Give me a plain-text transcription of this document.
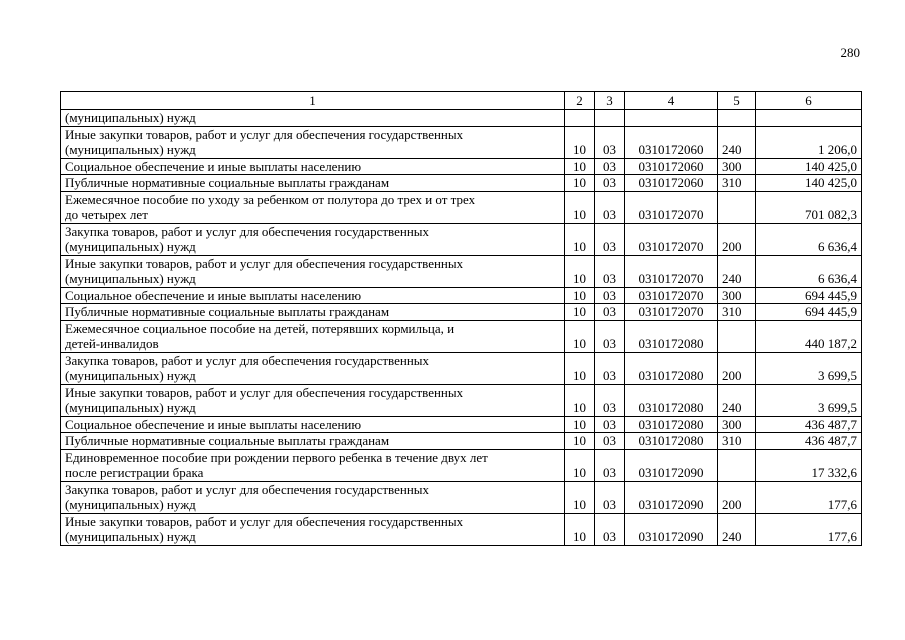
280
1	2	3	4	5	6

(муниципальных) нужд					

Иные закупки товаров, работ и услуг для обеспечения государственных
(муниципальных) нужд	10	03	0310172060	240	1 206,0

Социальное обеспечение и иные выплаты населению	10	03	0310172060	300	140 425,0

Публичные нормативные социальные выплаты гражданам	10	03	0310172060	310	140 425,0

Ежемесячное пособие по уходу за ребенком от полутора до трех и от трех
до четырех лет	10	03	0310172070		701 082,3

Закупка товаров, работ и услуг для обеспечения государственных
(муниципальных) нужд	10	03	0310172070	200	6 636,4

Иные закупки товаров, работ и услуг для обеспечения государственных
(муниципальных) нужд	10	03	0310172070	240	6 636,4

Социальное обеспечение и иные выплаты населению	10	03	0310172070	300	694 445,9

Публичные нормативные социальные выплаты гражданам	10	03	0310172070	310	694 445,9

Ежемесячное социальное пособие на детей, потерявших кормильца, и
детей-инвалидов	10	03	0310172080		440 187,2

Закупка товаров, работ и услуг для обеспечения государственных
(муниципальных) нужд	10	03	0310172080	200	3 699,5

Иные закупки товаров, работ и услуг для обеспечения государственных
(муниципальных) нужд	10	03	0310172080	240	3 699,5

Социальное обеспечение и иные выплаты населению	10	03	0310172080	300	436 487,7

Публичные нормативные социальные выплаты гражданам	10	03	0310172080	310	436 487,7

Единовременное пособие при рождении первого ребенка в течение двух лет
после регистрации брака	10	03	0310172090		17 332,6

Закупка товаров, работ и услуг для обеспечения государственных
(муниципальных) нужд	10	03	0310172090	200	177,6

Иные закупки товаров, работ и услуг для обеспечения государственных
(муниципальных) нужд	10	03	0310172090	240	177,6
